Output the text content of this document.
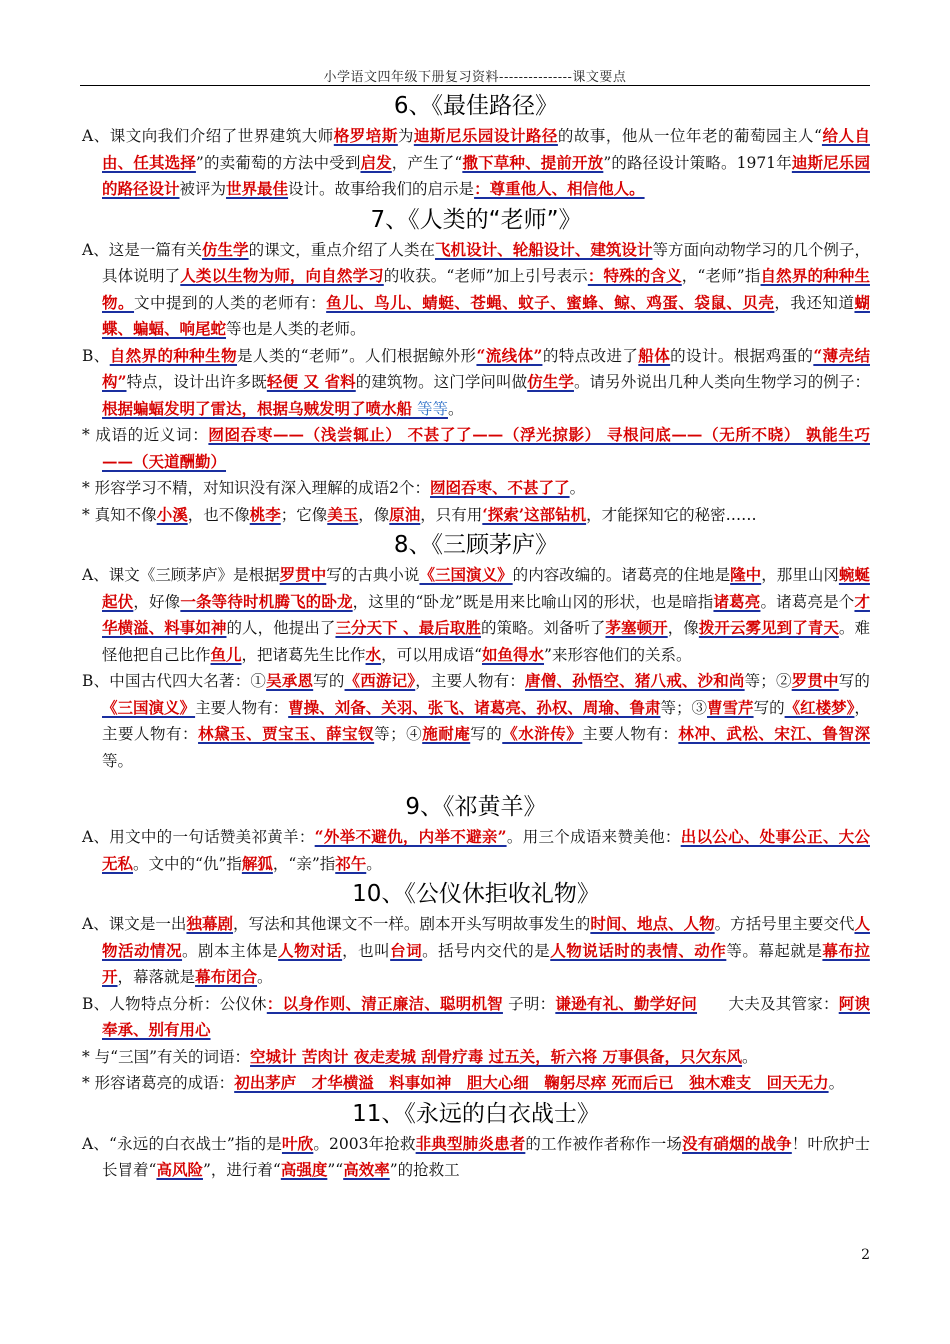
小学语文四年级下册复习资料---------------课文要点
6、《最佳路径》

A、课文向我们介绍了世界建筑大师格罗培斯为迪斯尼乐园设计路径的故事，他从一位年老的葡萄园主人“给人自由、任其选择”的卖葡萄的方法中受到启发，产生了“撒下草种、提前开放”的路径设计策略。1971年迪斯尼乐园的路径设计被评为世界最佳设计。故事给我们的启示是：尊重他人、相信他人。

7、《人类的“老师”》

A、这是一篇有关仿生学的课文，重点介绍了人类在飞机设计、轮船设计、建筑设计等方面向动物学习的几个例子，具体说明了人类以生物为师，向自然学习的收获。“老师”加上引号表示：特殊的含义，“老师”指自然界的种种生物。文中提到的人类的老师有：鱼儿、鸟儿、蜻蜓、苍蝇、蚊子、蜜蜂、鲸、鸡蛋、袋鼠、贝壳，我还知道蝴蝶、蝙蝠、响尾蛇等也是人类的老师。

B、自然界的种种生物是人类的“老师”。人们根据鲸外形“流线体”的特点改进了船体的设计。根据鸡蛋的“薄壳结构”特点，设计出许多既轻便 又 省料的建筑物。这门学问叫做仿生学。请另外说出几种人类向生物学习的例子：根据蝙蝠发明了雷达，根据乌贼发明了喷水船 等等。

* 成语的近义词：囫囵吞枣——（浅尝辄止） 不甚了了——（浮光掠影） 寻根问底——（无所不晓） 孰能生巧——（天道酬勤）

* 形容学习不精，对知识没有深入理解的成语2个：囫囵吞枣、不甚了了。

* 真知不像小溪，也不像桃李；它像美玉，像原油，只有用‘探索’这部钻机，才能探知它的秘密……

8、《三顾茅庐》

A、课文《三顾茅庐》是根据罗贯中写的古典小说《三国演义》的内容改编的。诸葛亮的住地是隆中，那里山冈蜿蜒起伏，好像一条等待时机腾飞的卧龙，这里的“卧龙”既是用来比喻山冈的形状，也是暗指诸葛亮。诸葛亮是个才华横溢、料事如神的人，他提出了三分天下 、最后取胜的策略。刘备听了茅塞顿开，像拨开云雾见到了青天。难怪他把自己比作鱼儿，把诸葛先生比作水，可以用成语“如鱼得水”来形容他们的关系。

B、中国古代四大名著：①吴承恩写的《西游记》，主要人物有：唐僧、孙悟空、猪八戒、沙和尚等；②罗贯中写的《三国演义》主要人物有：曹操、刘备、关羽、张飞、诸葛亮、孙权、周瑜、鲁肃等；③曹雪芹写的《红楼梦》，主要人物有：林黛玉、贾宝玉、薛宝钗等；④施耐庵写的《水浒传》主要人物有：林冲、武松、宋江、鲁智深等。

9、《祁黄羊》

A、用文中的一句话赞美祁黄羊：“外举不避仇，内举不避亲”。用三个成语来赞美他：出以公心、处事公正、大公无私。文中的“仇”指解狐，“亲”指祁午。

10、《公仪休拒收礼物》

A、课文是一出独幕剧，写法和其他课文不一样。剧本开头写明故事发生的时间、地点、人物。方括号里主要交代人物活动情况。剧本主体是人物对话，也叫台词。括号内交代的是人物说话时的表情、动作等。幕起就是幕布拉开，幕落就是幕布闭合。

B、人物特点分析：公仪休：以身作则、清正廉洁、聪明机智 子明：谦逊有礼、勤学好问　　大夫及其管家：阿谀奉承、别有用心

* 与“三国”有关的词语：空城计 苦肉计 夜走麦城 刮骨疗毒 过五关，斩六将 万事俱备，只欠东风。

* 形容诸葛亮的成语：初出茅庐　才华横溢　料事如神　胆大心细　鞠躬尽瘁 死而后已　独木难支　回天无力。

11、《永远的白衣战士》

A、“永远的白衣战士”指的是叶欣。2003年抢救非典型肺炎患者的工作被作者称作一场没有硝烟的战争！叶欣护士长冒着“高风险”，进行着“高强度”“高效率”的抢救工

2
